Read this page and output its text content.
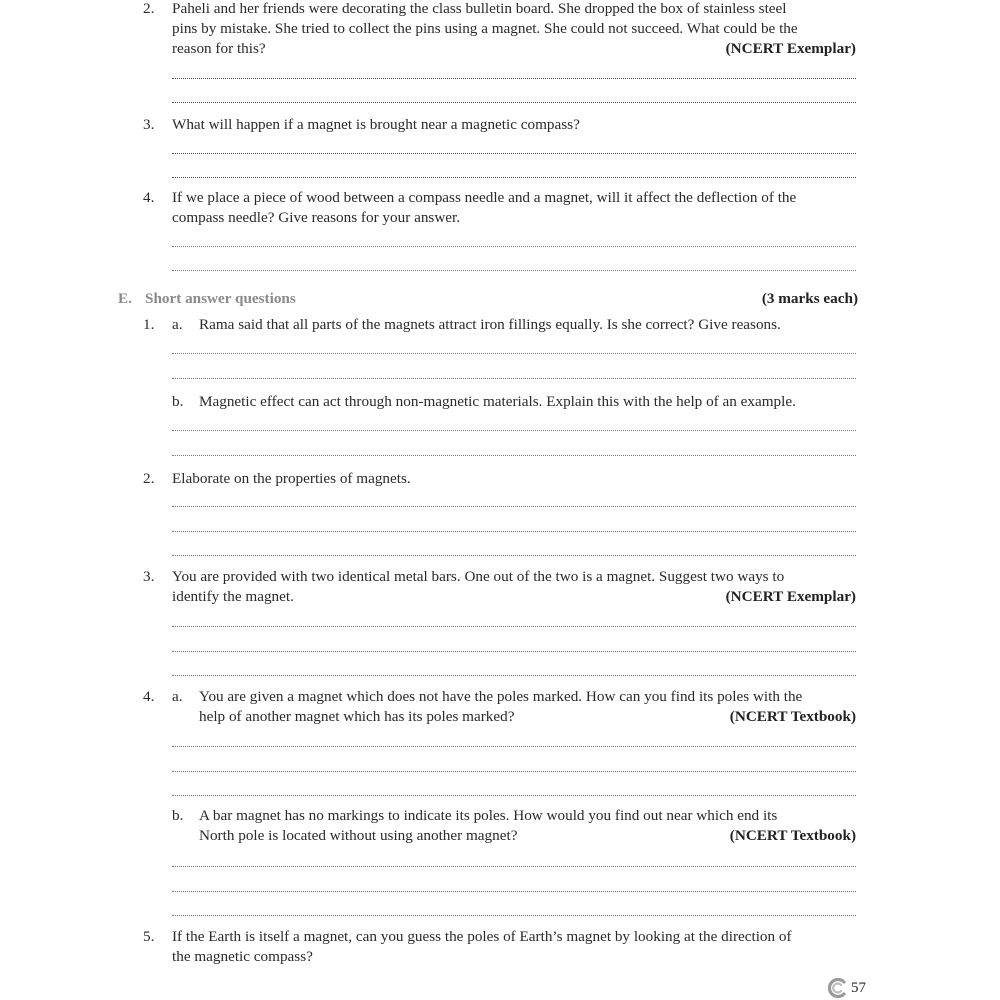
2. Paheli and her friends were decorating the class bulletin board. She dropped the box of stainless steel
pins by mistake. She tried to collect the pins using a magnet. She could not succeed. What could be the
reason for this?	(NCERT Exemplar)
3. What will happen if a magnet is brought near a magnetic compass?
4. If we place a piece of wood between a compass needle and a magnet, will it affect the deflection of the
compass needle? Give reasons for your answer.
E. Short answer questions	(3 marks each)
1. a. Rama said that all parts of the magnets attract iron fillings equally. Is she correct? Give reasons.
b. Magnetic effect can act through non-magnetic materials. Explain this with the help of an example.
2. Elaborate on the properties of magnets.
3. You are provided with two identical metal bars. One out of the two is a magnet. Suggest two ways to
identify the magnet.	(NCERT Exemplar)
4. a. You are given a magnet which does not have the poles marked. How can you find its poles with the
help of another magnet which has its poles marked?	(NCERT Textbook)
b. A bar magnet has no markings to indicate its poles. How would you find out near which end its
North pole is located without using another magnet?	(NCERT Textbook)
5. If the Earth is itself a magnet, can you guess the poles of Earth’s magnet by looking at the direction of
the magnetic compass?
57
